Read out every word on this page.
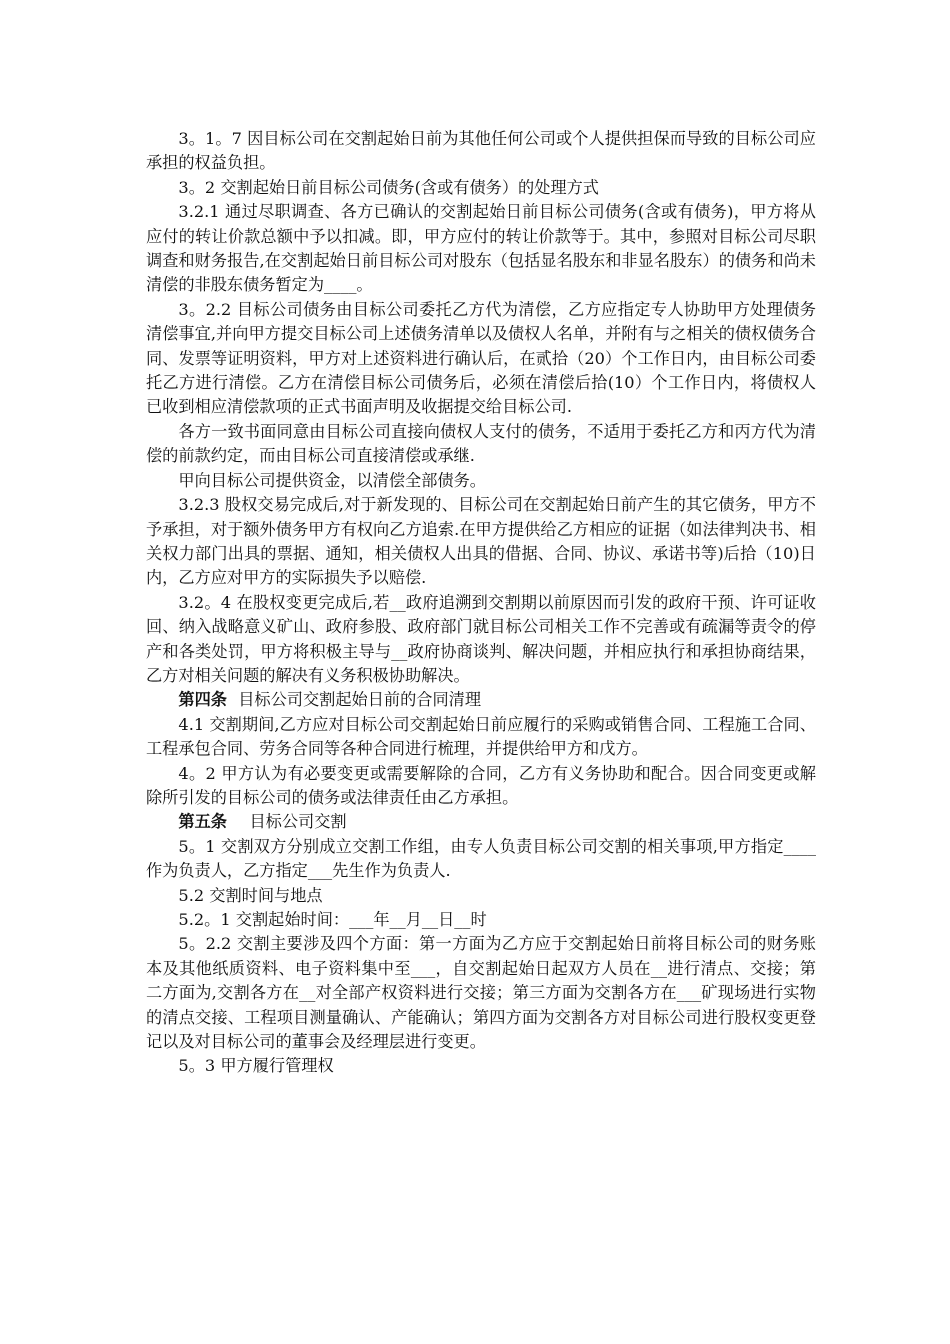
3。1。7 因目标公司在交割起始日前为其他任何公司或个人提供担保而导致的目标公司应承担的权益负担。

3。2 交割起始日前目标公司债务(含或有债务）的处理方式

3.2.1 通过尽职调查、各方已确认的交割起始日前目标公司债务(含或有债务)，甲方将从应付的转让价款总额中予以扣减。即，甲方应付的转让价款等于。其中，参照对目标公司尽职调查和财务报告,在交割起始日前目标公司对股东（包括显名股东和非显名股东）的债务和尚未清偿的非股东债务暂定为____。

3。2.2 目标公司债务由目标公司委托乙方代为清偿，乙方应指定专人协助甲方处理债务清偿事宜,并向甲方提交目标公司上述债务清单以及债权人名单，并附有与之相关的债权债务合同、发票等证明资料，甲方对上述资料进行确认后，在贰拾（20）个工作日内，由目标公司委托乙方进行清偿。乙方在清偿目标公司债务后，必须在清偿后拾(10）个工作日内，将债权人已收到相应清偿款项的正式书面声明及收据提交给目标公司.

各方一致书面同意由目标公司直接向债权人支付的债务，不适用于委托乙方和丙方代为清偿的前款约定，而由目标公司直接清偿或承继.

甲向目标公司提供资金，以清偿全部债务。

3.2.3 股权交易完成后,对于新发现的、目标公司在交割起始日前产生的其它债务，甲方不予承担，对于额外债务甲方有权向乙方追索.在甲方提供给乙方相应的证据（如法律判决书、相关权力部门出具的票据、通知，相关债权人出具的借据、合同、协议、承诺书等)后拾（10)日内，乙方应对甲方的实际损失予以赔偿.

3.2。4 在股权变更完成后,若__政府追溯到交割期以前原因而引发的政府干预、许可证收回、纳入战略意义矿山、政府参股、政府部门就目标公司相关工作不完善或有疏漏等责令的停产和各类处罚，甲方将积极主导与__政府协商谈判、解决问题，并相应执行和承担协商结果，乙方对相关问题的解决有义务积极协助解决。

第四条 目标公司交割起始日前的合同清理

4.1 交割期间,乙方应对目标公司交割起始日前应履行的采购或销售合同、工程施工合同、工程承包合同、劳务合同等各种合同进行梳理，并提供给甲方和戊方。

4。2 甲方认为有必要变更或需要解除的合同，乙方有义务协助和配合。因合同变更或解除所引发的目标公司的债务或法律责任由乙方承担。

第五条 目标公司交割

5。1 交割双方分别成立交割工作组，由专人负责目标公司交割的相关事项,甲方指定____作为负责人，乙方指定___先生作为负责人.

5.2 交割时间与地点

5.2。1 交割起始时间：___年__月__日__时

5。2.2 交割主要涉及四个方面：第一方面为乙方应于交割起始日前将目标公司的财务账本及其他纸质资料、电子资料集中至___，自交割起始日起双方人员在__进行清点、交接；第二方面为,交割各方在__对全部产权资料进行交接；第三方面为交割各方在___矿现场进行实物的清点交接、工程项目测量确认、产能确认；第四方面为交割各方对目标公司进行股权变更登记以及对目标公司的董事会及经理层进行变更。

5。3 甲方履行管理权
